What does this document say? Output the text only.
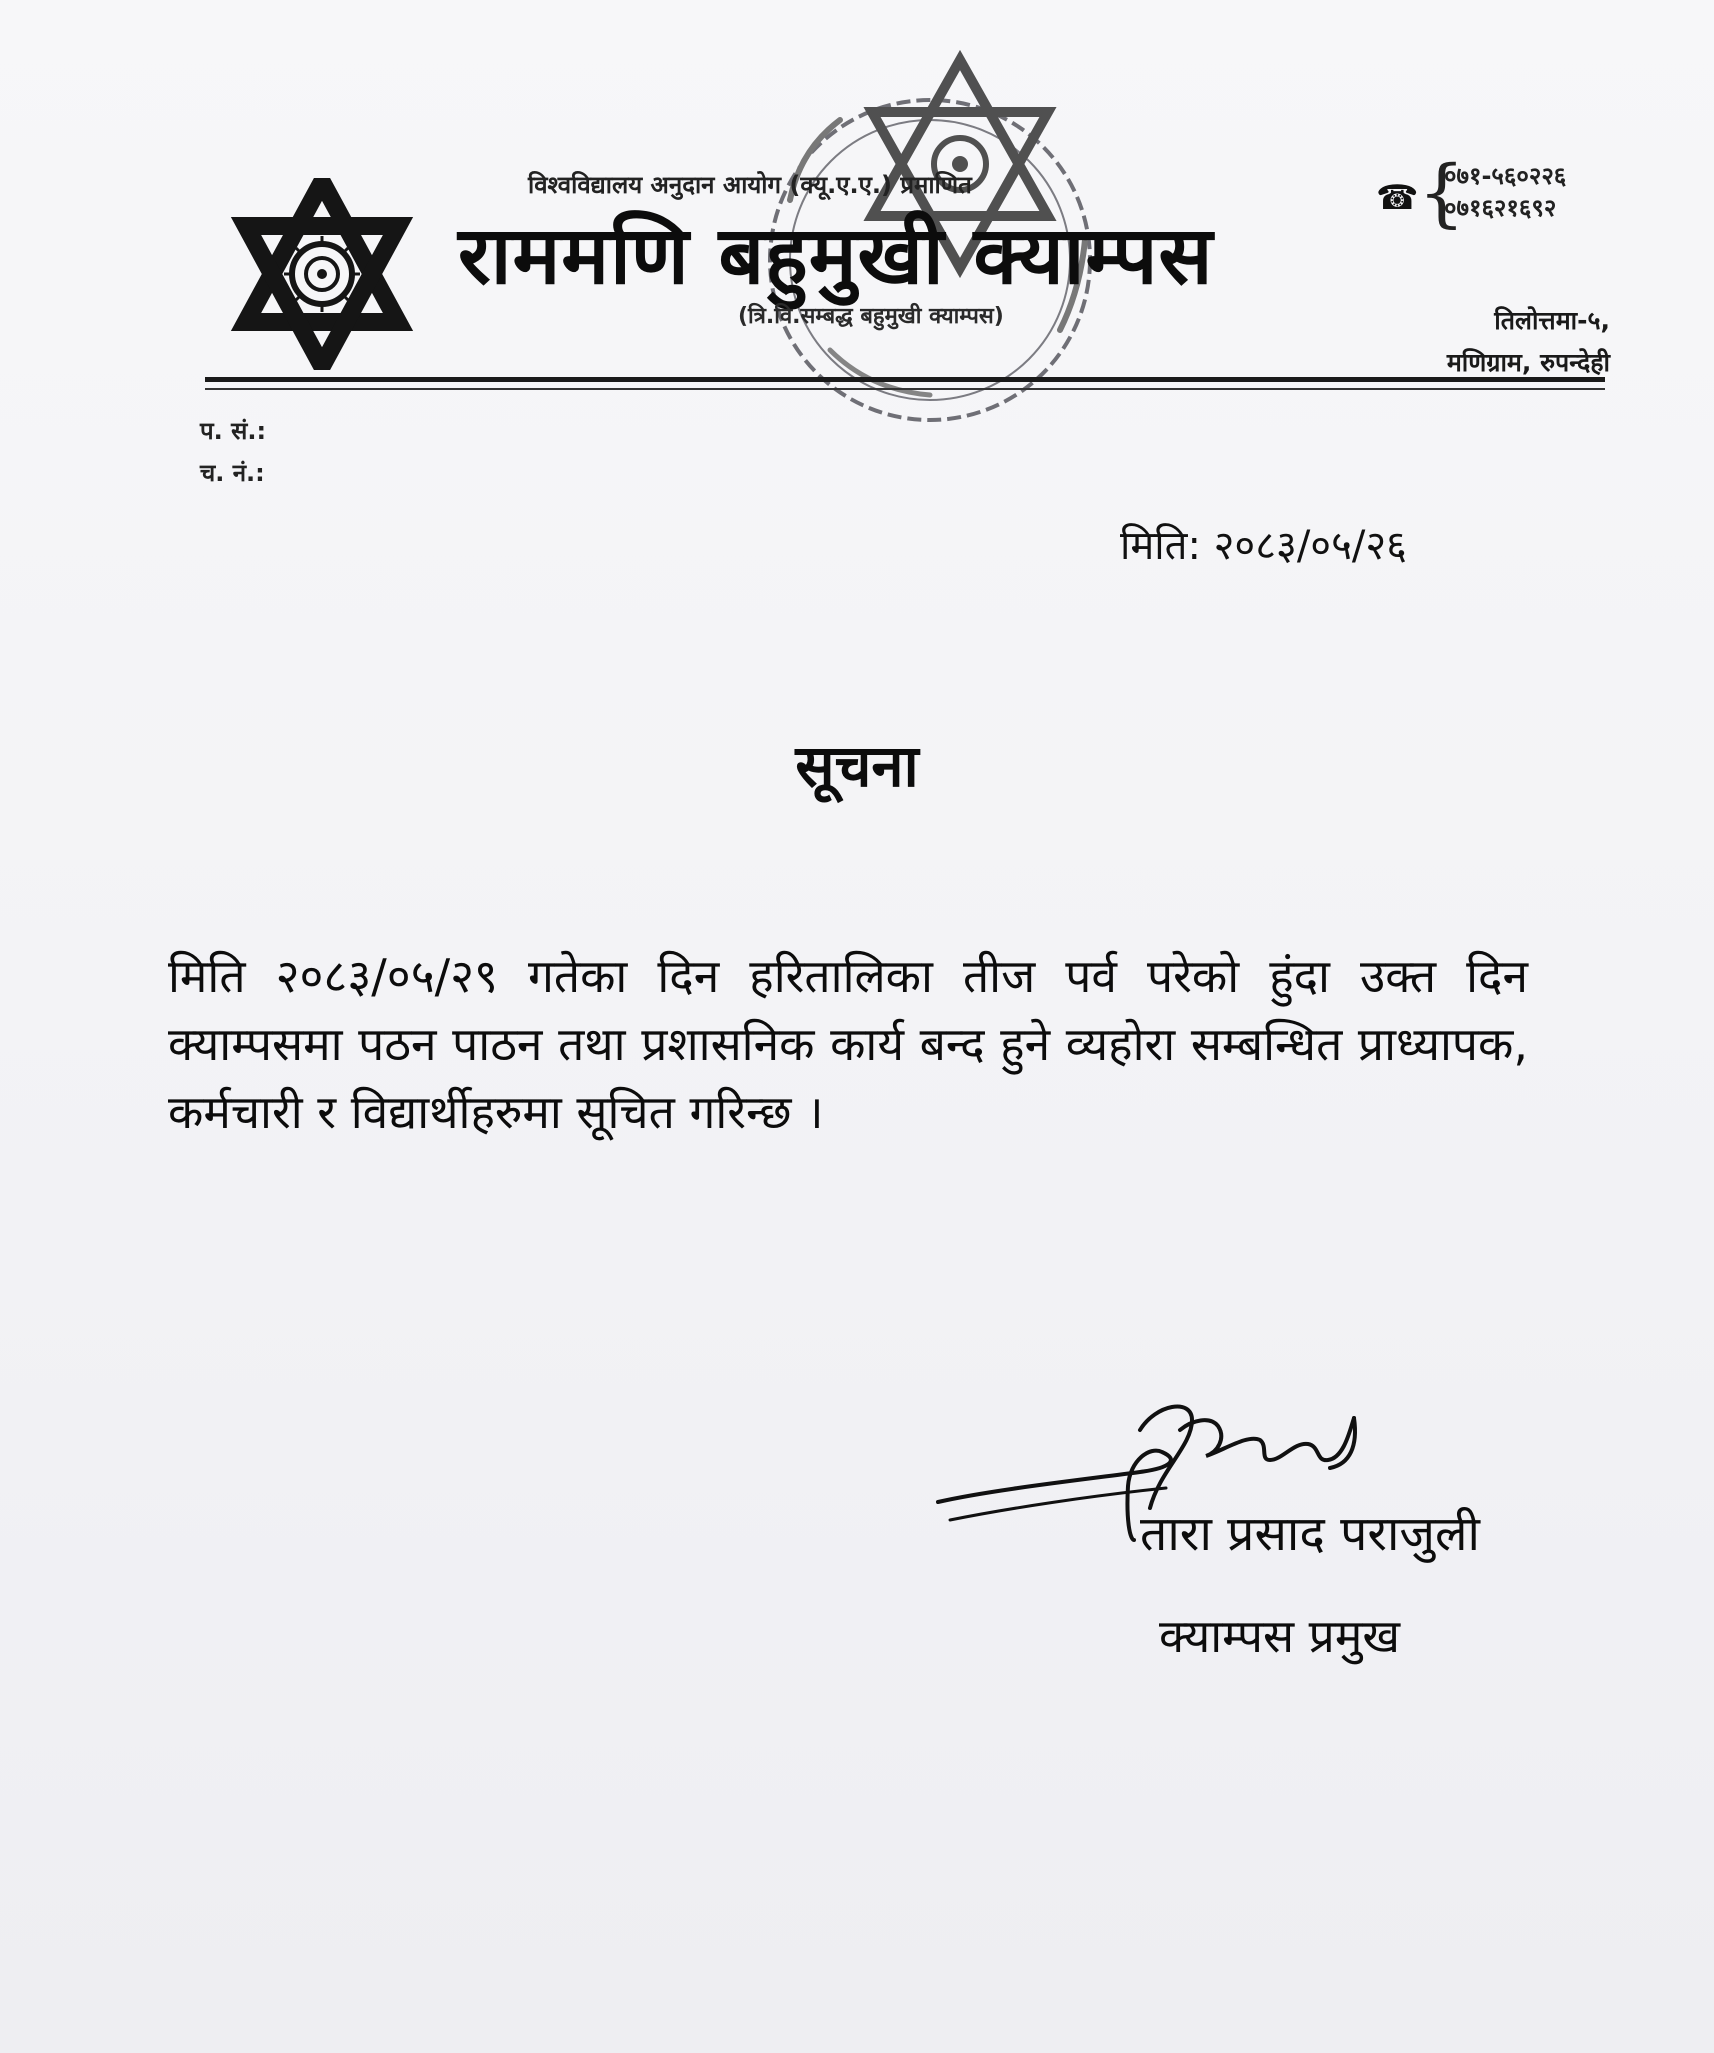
विश्वविद्यालय अनुदान आयोग (क्यू.ए.ए.) प्रमाणित
राममणि बहुमुखी क्याम्पस
(त्रि.वि.सम्बद्ध बहुमुखी क्याम्पस)
☎ {
०७१-५६०२२६
०७१६२१६९२
तिलोत्तमा-५,
मणिग्राम, रुपन्देही
प. सं.:
च. नं.:
मिति: २०८३/०५/२६
सूचना
मिति २०८३/०५/२९ गतेका दिन हरितालिका तीज पर्व परेको हुंदा उक्त दिन क्याम्पसमा पठन पाठन तथा प्रशासनिक कार्य बन्द हुने व्यहोरा सम्बन्धित प्राध्यापक, कर्मचारी र विद्यार्थीहरुमा सूचित गरिन्छ ।
तारा प्रसाद पराजुली
क्याम्पस प्रमुख
